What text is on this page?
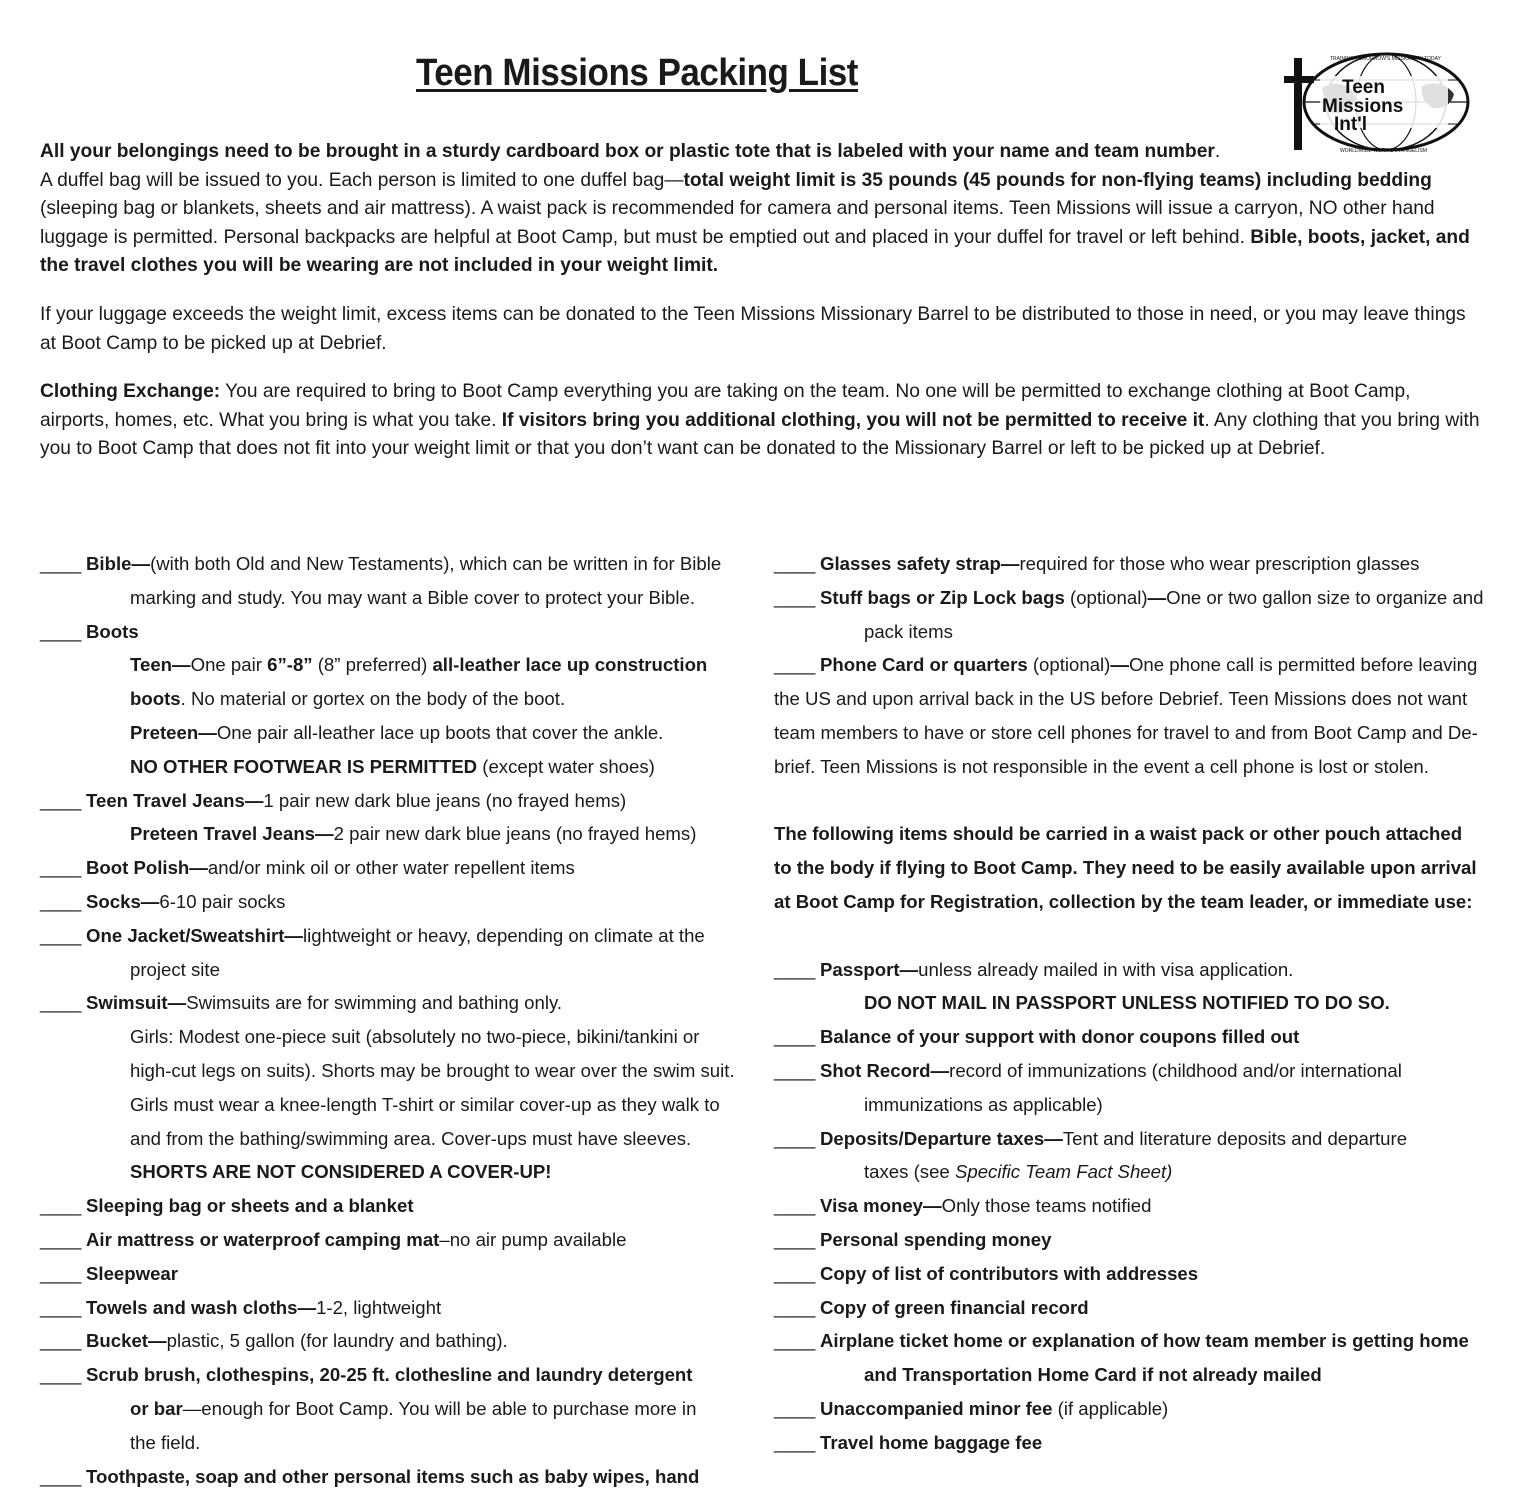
Teen Missions Packing List	Teen
Missions
Int'l
TRAINING TOMORROW'S MISSIONARY TODAY
WORLDWIDE WORK & EVANGELISM

All your belongings need to be brought in a sturdy cardboard box or plastic tote that is labeled with your name and team number.
A duffel bag will be issued to you. Each person is limited to one duffel bag—total weight limit is 35 pounds (45 pounds for non-flying teams) including bedding (sleeping bag or blankets, sheets and air mattress). A waist pack is recommended for camera and personal items. Teen Missions will issue a carryon, NO other hand luggage is permitted. Personal backpacks are helpful at Boot Camp, but must be emptied out and placed in your duffel for travel or left behind. Bible, boots, jacket, and the travel clothes you will be wearing are not included in your weight limit.

If your luggage exceeds the weight limit, excess items can be donated to the Teen Missions Missionary Barrel to be distributed to those in need, or you may leave things at Boot Camp to be picked up at Debrief.

Clothing Exchange: You are required to bring to Boot Camp everything you are taking on the team. No one will be permitted to exchange clothing at Boot Camp, airports, homes, etc. What you bring is what you take. If visitors bring you additional clothing, you will not be permitted to receive it. Any clothing that you bring with you to Boot Camp that does not fit into your weight limit or that you don’t want can be donated to the Missionary Barrel or left to be picked up at Debrief.

____ Bible—(with both Old and New Testaments), which can be written in for Bible
marking and study. You may want a Bible cover to protect your Bible.
____ Boots
Teen—One pair 6”-8” (8” preferred) all-leather lace up construction
boots. No material or gortex on the body of the boot.
Preteen—One pair all-leather lace up boots that cover the ankle.
NO OTHER FOOTWEAR IS PERMITTED (except water shoes)
____ Teen Travel Jeans—1 pair new dark blue jeans (no frayed hems)
Preteen Travel Jeans—2 pair new dark blue jeans (no frayed hems)
____ Boot Polish—and/or mink oil or other water repellent items
____ Socks—6-10 pair socks
____ One Jacket/Sweatshirt—lightweight or heavy, depending on climate at the
project site
____ Swimsuit—Swimsuits are for swimming and bathing only.
Girls: Modest one-piece suit (absolutely no two-piece, bikini/tankini or
high-cut legs on suits). Shorts may be brought to wear over the swim suit.
Girls must wear a knee-length T-shirt or similar cover-up as they walk to
and from the bathing/swimming area. Cover-ups must have sleeves.
SHORTS ARE NOT CONSIDERED A COVER-UP!
____ Sleeping bag or sheets and a blanket
____ Air mattress or waterproof camping mat–no air pump available
____ Sleepwear
____ Towels and wash cloths—1-2, lightweight
____ Bucket—plastic, 5 gallon (for laundry and bathing).
____ Scrub brush, clothespins, 20-25 ft. clothesline and laundry detergent
or bar—enough for Boot Camp. You will be able to purchase more in
the field.
____ Toothpaste, soap and other personal items such as baby wipes, hand
____ Glasses safety strap—required for those who wear prescription glasses
____ Stuff bags or Zip Lock bags (optional)—One or two gallon size to organize and
pack items
____ Phone Card or quarters (optional)—One phone call is permitted before leaving
the US and upon arrival back in the US before Debrief. Teen Missions does not want
team members to have or store cell phones for travel to and from Boot Camp and De-
brief. Teen Missions is not responsible in the event a cell phone is lost or stolen.
The following items should be carried in a waist pack or other pouch attached
to the body if flying to Boot Camp. They need to be easily available upon arrival
at Boot Camp for Registration, collection by the team leader, or immediate use:
____ Passport—unless already mailed in with visa application.
DO NOT MAIL IN PASSPORT UNLESS NOTIFIED TO DO SO.
____ Balance of your support with donor coupons filled out
____ Shot Record—record of immunizations (childhood and/or international
immunizations as applicable)
____ Deposits/Departure taxes—Tent and literature deposits and departure
taxes (see Specific Team Fact Sheet)
____ Visa money—Only those teams notified
____ Personal spending money
____ Copy of list of contributors with addresses
____ Copy of green financial record
____ Airplane ticket home or explanation of how team member is getting home
and Transportation Home Card if not already mailed
____ Unaccompanied minor fee (if applicable)
____ Travel home baggage fee
